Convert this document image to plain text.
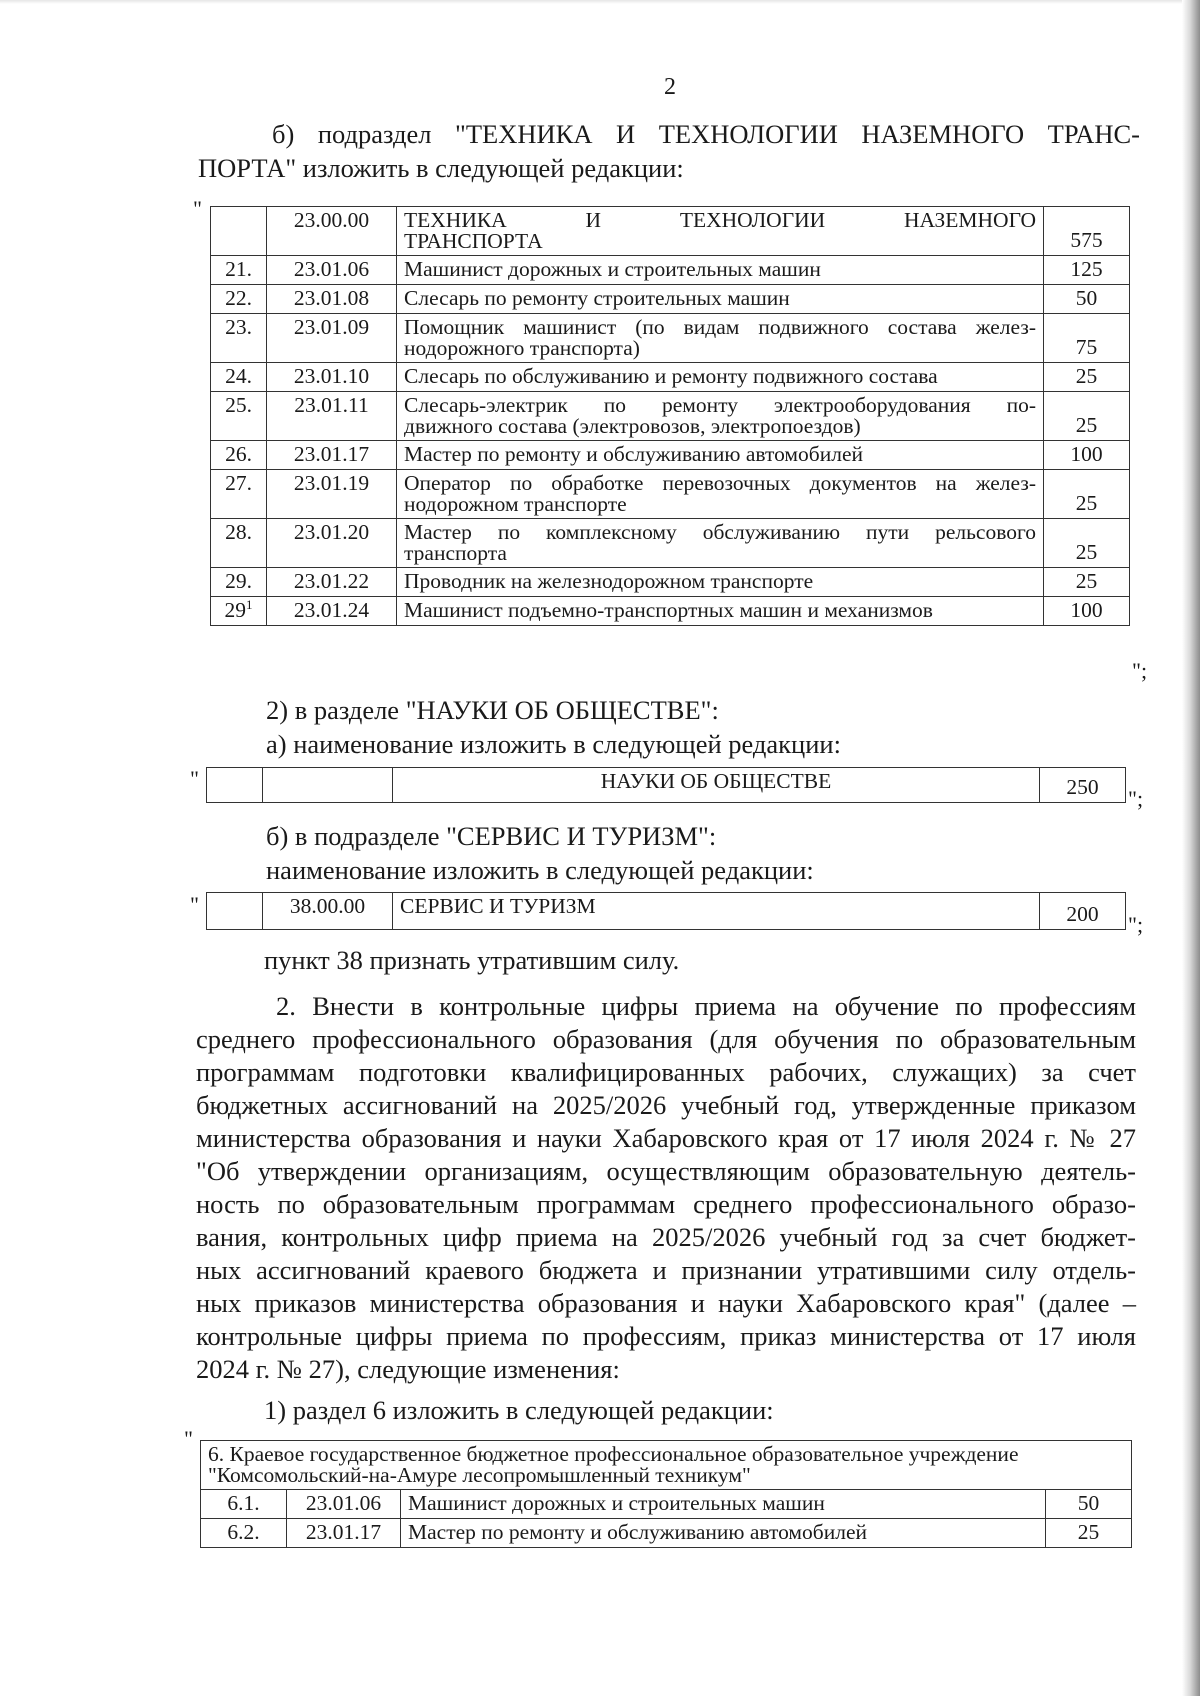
2
б) подраздел "ТЕХНИКА И ТЕХНОЛОГИИ НАЗЕМНОГО ТРАНС-
ПОРТА" изложить в следующей редакции:
"
		23.00.00	ТЕХНИКА И ТЕХНОЛОГИИ НАЗЕМНОГО
ТРАНСПОРТА	575
21.	23.01.06	Машинист дорожных и строительных машин	125
22.	23.01.08	Слесарь по ремонту строительных машин	50
23.	23.01.09	Помощник машинист (по видам подвижного состава желез-
нодорожного транспорта)	75
24.	23.01.10	Слесарь по обслуживанию и ремонту подвижного состава	25
25.	23.01.11	Слесарь-электрик по ремонту электрооборудования по-
движного состава (электровозов, электропоездов)	25
26.	23.01.17	Мастер по ремонту и обслуживанию автомобилей	100
27.	23.01.19	Оператор по обработке перевозочных документов на желез-
нодорожном транспорте	25
28.	23.01.20	Мастер по комплексному обслуживанию пути рельсового
транспорта	25
29.	23.01.22	Проводник на железнодорожном транспорте	25
$29^1$	23.01.24	Машинист подъемно-транспортных машин и механизмов	100
";
2) в разделе "НАУКИ ОБ ОБЩЕСТВЕ":
а) наименование изложить в следующей редакции:
"
			НАУКИ ОБ ОБЩЕСТВЕ	250 ";
б) в подразделе "СЕРВИС И ТУРИЗМ":
наименование изложить в следующей редакции:
"
		38.00.00	СЕРВИС И ТУРИЗМ	200 ";
пункт 38 признать утратившим силу.
2. Внести в контрольные цифры приема на обучение по профессиям
среднего профессионального образования (для обучения по образовательным
программам подготовки квалифицированных рабочих, служащих) за счет
бюджетных ассигнований на 2025/2026 учебный год, утвержденные приказом
министерства образования и науки Хабаровского края от 17 июля 2024 г. № 27
"Об утверждении организациям, осуществляющим образовательную деятель-
ность по образовательным программам среднего профессионального образо-
вания, контрольных цифр приема на 2025/2026 учебный год за счет бюджет-
ных ассигнований краевого бюджета и признании утратившими силу отдель-
ных приказов министерства образования и науки Хабаровского края" (далее –
контрольные цифры приема по профессиям, приказ министерства от 17 июля
2024 г. № 27), следующие изменения:
1) раздел 6 изложить в следующей редакции:
"
6. Краевое государственное бюджетное профессиональное образовательное учреждение
"Комсомольский-на-Амуре лесопромышленный техникум"			

6.1.	23.01.06	Машинист дорожных и строительных машин	50
6.2.	23.01.17	Мастер по ремонту и обслуживанию автомобилей	25
